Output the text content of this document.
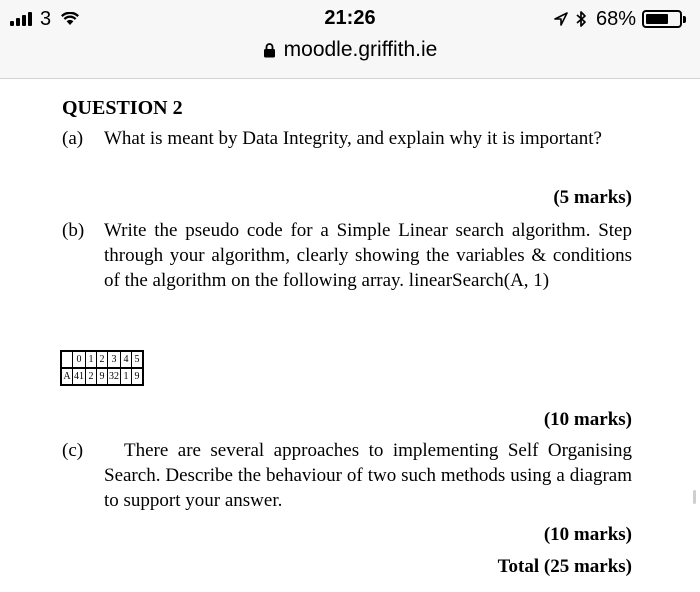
3	21:26	68%
moodle.griffith.ie
QUESTION 2
(a) What is meant by Data Integrity, and explain why it is important?
(5 marks)
(b) Write the pseudo code for a Simple Linear search algorithm. Step through your algorithm, clearly showing the variables & conditions of the algorithm on the following array. linearSearch(A, 1)
	0	1	2	3	4	5
A	41	2	9	32	1	9
(10 marks)
(c)	There are several approaches to implementing Self Organising Search. Describe the behaviour of two such methods using a diagram to support your answer.
(10 marks)
Total (25 marks)
